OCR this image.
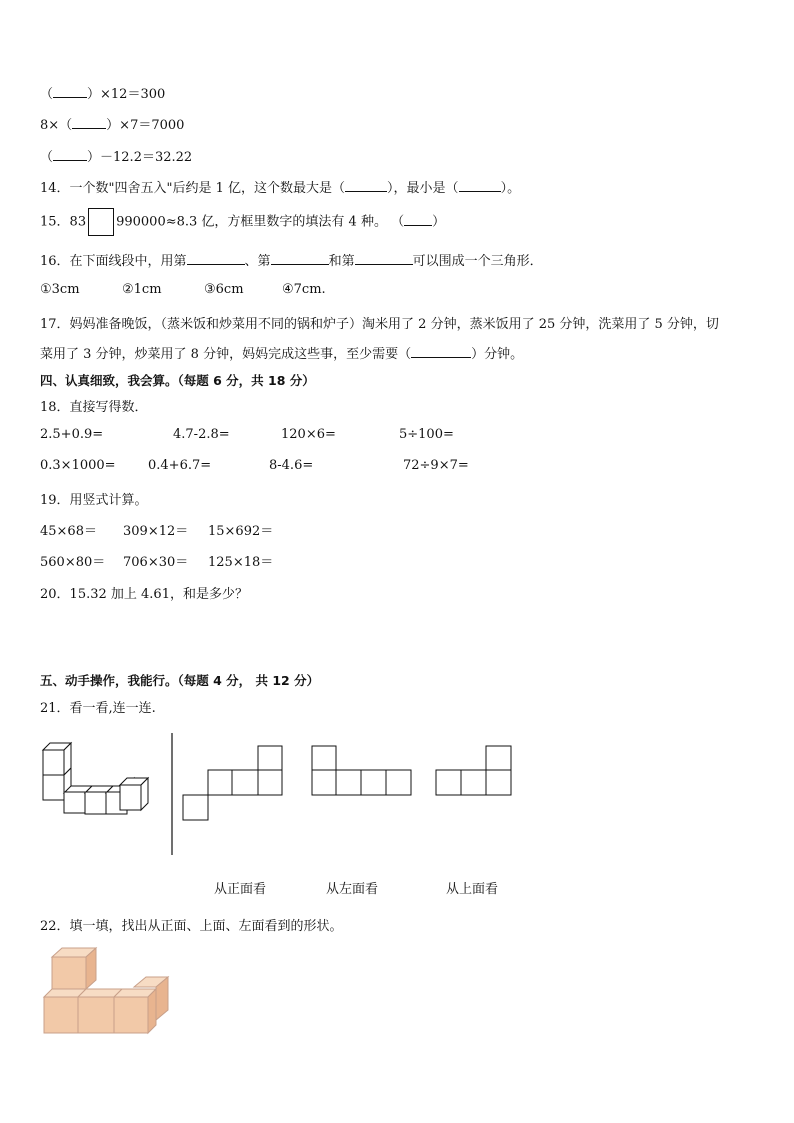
（	）×12＝300
8×（	）×7＝7000
（	）－12.2＝32.22
14．一个数"四舍五入"后约是 1 亿，这个数最大是（	），最小是（	）。
15．83 990000≈8.3 亿，方框里数字的填法有 4 种。 （ ）
16．在下面线段中，用第	、第	和第	可以围成一个三角形．
①3cm	②1cm	③6cm	④7cm.
17．妈妈准备晚饭，（蒸米饭和炒菜用不同的锅和炉子）淘米用了 2 分钟，蒸米饭用了 25 分钟，洗菜用了 5 分钟，切
菜用了 3 分钟，炒菜用了 8 分钟，妈妈完成这些事，至少需要（	）分钟。
四、认真细致，我会算。（每题 6 分，共 18 分）
18．直接写得数．
2.5+0.9=	4.7-2.8=	120×6=	5÷100=
0.3×1000= 0.4+6.7=	8-4.6=	72÷9×7=
19．用竖式计算。
45×68＝ 309×12＝ 15×692＝
560×80＝ 706×30＝ 125×18＝
20．15.32 加上 4.61，和是多少？
五、动手操作，我能行。（每题 4 分， 共 12 分）
21．看一看,连一连.
从正面看	从左面看	从上面看
22．填一填，找出从正面、上面、左面看到的形状。
